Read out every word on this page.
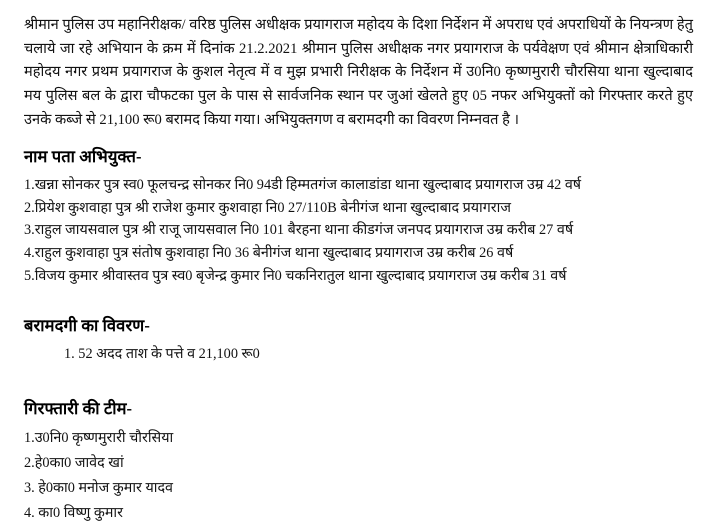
श्रीमान पुलिस उप महानिरीक्षक/ वरिष्ठ पुलिस अधीक्षक प्रयागराज महोदय के दिशा निर्देशन में अपराध एवं अपराधियों के नियन्त्रण हेतु चलाये जा रहे अभियान के क्रम में दिनांक 21.2.2021 श्रीमान पुलिस अधीक्षक नगर प्रयागराज के पर्यवेक्षण एवं श्रीमान क्षेत्राधिकारी महोदय नगर प्रथम प्रयागराज के कुशल नेतृत्व में व मुझ प्रभारी निरीक्षक के निर्देशन में उ0नि0 कृष्णमुरारी चौरसिया थाना खुल्दाबाद मय पुलिस बल के द्वारा चौफटका पुल के पास से सार्वजनिक स्थान पर जुआं खेलते हुए 05 नफर अभियुक्तों को गिरफ्तार करते हुए उनके कब्जे से 21,100 रू0 बरामद किया गया। अभियुक्तगण व बरामदगी का विवरण निम्नवत है ।

नाम पता अभियुक्त-
1.खन्ना सोनकर पुत्र स्व0 फूलचन्द्र सोनकर नि0 94डी हिम्मतगंज कालाडांडा थाना खुल्दाबाद प्रयागराज उम्र 42 वर्ष
2.प्रियेश कुशवाहा पुत्र श्री राजेश कुमार कुशवाहा नि0 27/110B बेनीगंज थाना खुल्दाबाद प्रयागराज
3.राहुल जायसवाल पुत्र श्री राजू जायसवाल नि0 101 बैरहना थाना कीडगंज जनपद प्रयागराज उम्र करीब 27 वर्ष
4.राहुल कुशवाहा पुत्र संतोष कुशवाहा नि0 36 बेनीगंज थाना खुल्दाबाद प्रयागराज उम्र करीब 26 वर्ष
5.विजय कुमार श्रीवास्तव पुत्र स्व0 बृजेन्द्र कुमार नि0 चकनिरातुल थाना खुल्दाबाद प्रयागराज उम्र करीब 31 वर्ष
बरामदगी का विवरण-
1. 52 अदद ताश के पत्ते व 21,100 रू0
गिरफ्तारी की टीम-
1.उ0नि0 कृष्णमुरारी चौरसिया
2.हे0का0 जावेद खां
3. हे0का0 मनोज कुमार यादव
4. का0 विष्णु कुमार
